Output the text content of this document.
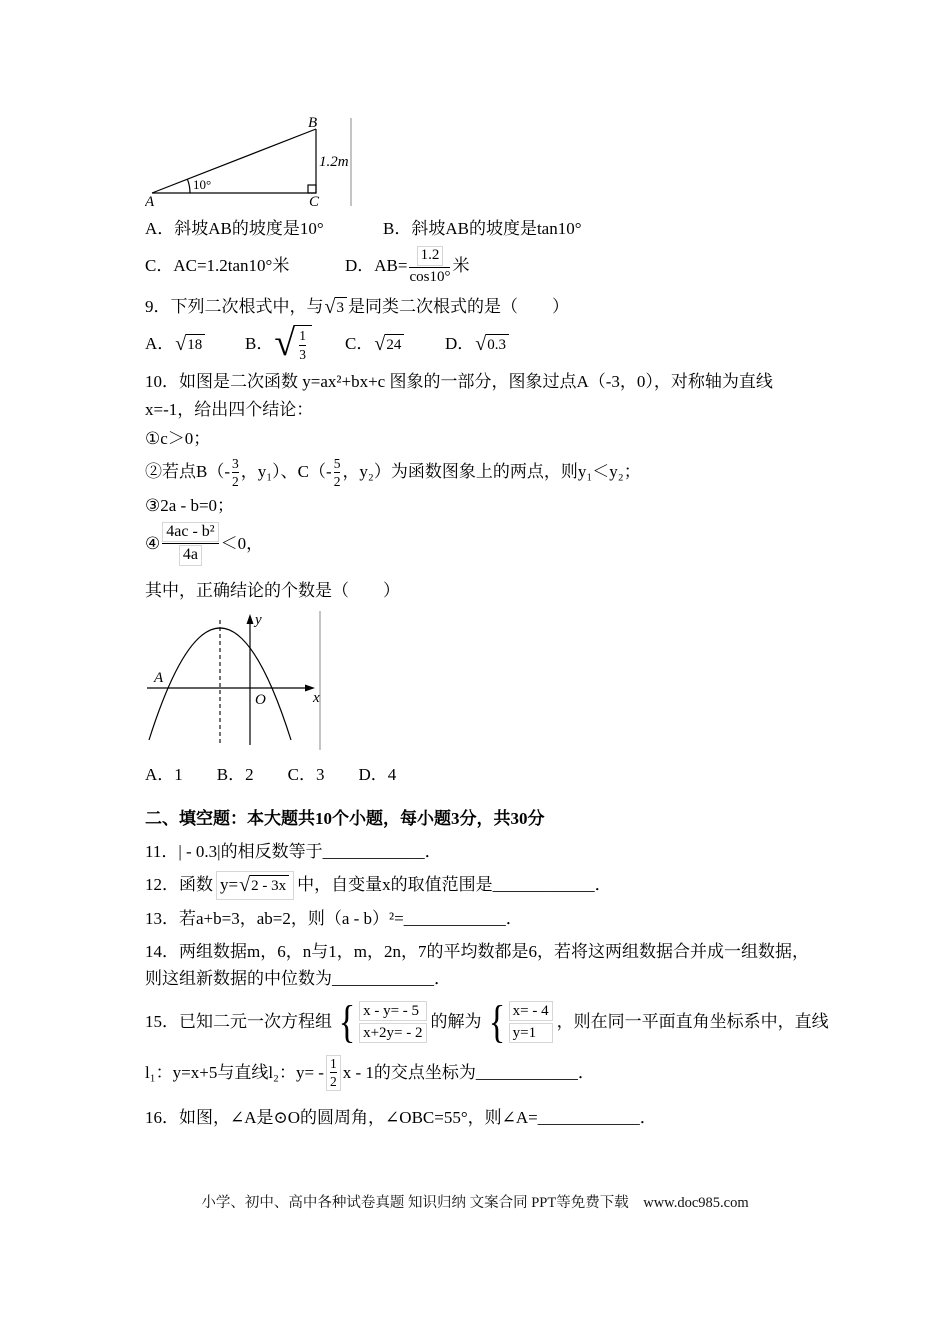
B
A	C
10°
1.2m
A．斜坡AB的坡度是10°	B．斜坡AB的坡度是tan10°
C．AC=1.2tan10°米	D．$AB= \frac{1.2}{\cos 10^\circ}$ 米

9．下列二次根式中，与 √ 3 是同类二次根式的是（　　）

A． √ 18	B． √ $\frac{1}{3}$ C． √ 24	D． √ 0.3

10．如图是二次函数 y=ax²+bx+c 图象的一部分，图象过点A（-3，0），对称轴为直线x=-1，给出四个结论：

①c＞0；

②若点$B(- \frac{3}{2}$ ，y₁）、$C(- \frac{5}{2}$ ，y₂）为函数图象上的两点，则y₁＜y₂；

③2a - b=0；

④ $\frac{\text{4ac - b²}}{4a} <0$，

其中，正确结论的个数是（　　）

y
x
O
A

A．1　　B．2　　C．3　　D．4

二、填空题：本大题共10个小题，每小题3分，共30分

11．| - 0.3|的相反数等于____________．

12．函数 y= √ 2 - 3x 中，自变量x的取值范围是____________．

13．若a+b=3，ab=2，则（a - b）²=____________．

14．两组数据m，6，n与1，m，2n，7的平均数都是6，若将这两组数据合并成一组数据，则这组新数据的中位数为____________．

15．已知二元一次方程组 { x - y= - 5
x+2y= - 2
的解为 { x= - 4
y=1
，则在同一平面直角坐标系中，直线

l₁：y=x+5与直线l₂：$y= - \frac{1}{2}$ x - 1的交点坐标为____________．

16．如图，∠A是⊙O的圆周角，∠OBC=55°，则∠A=____________．

小学、初中、高中各种试卷真题 知识归纳 文案合同 PPT等免费下载　www.doc985.com
